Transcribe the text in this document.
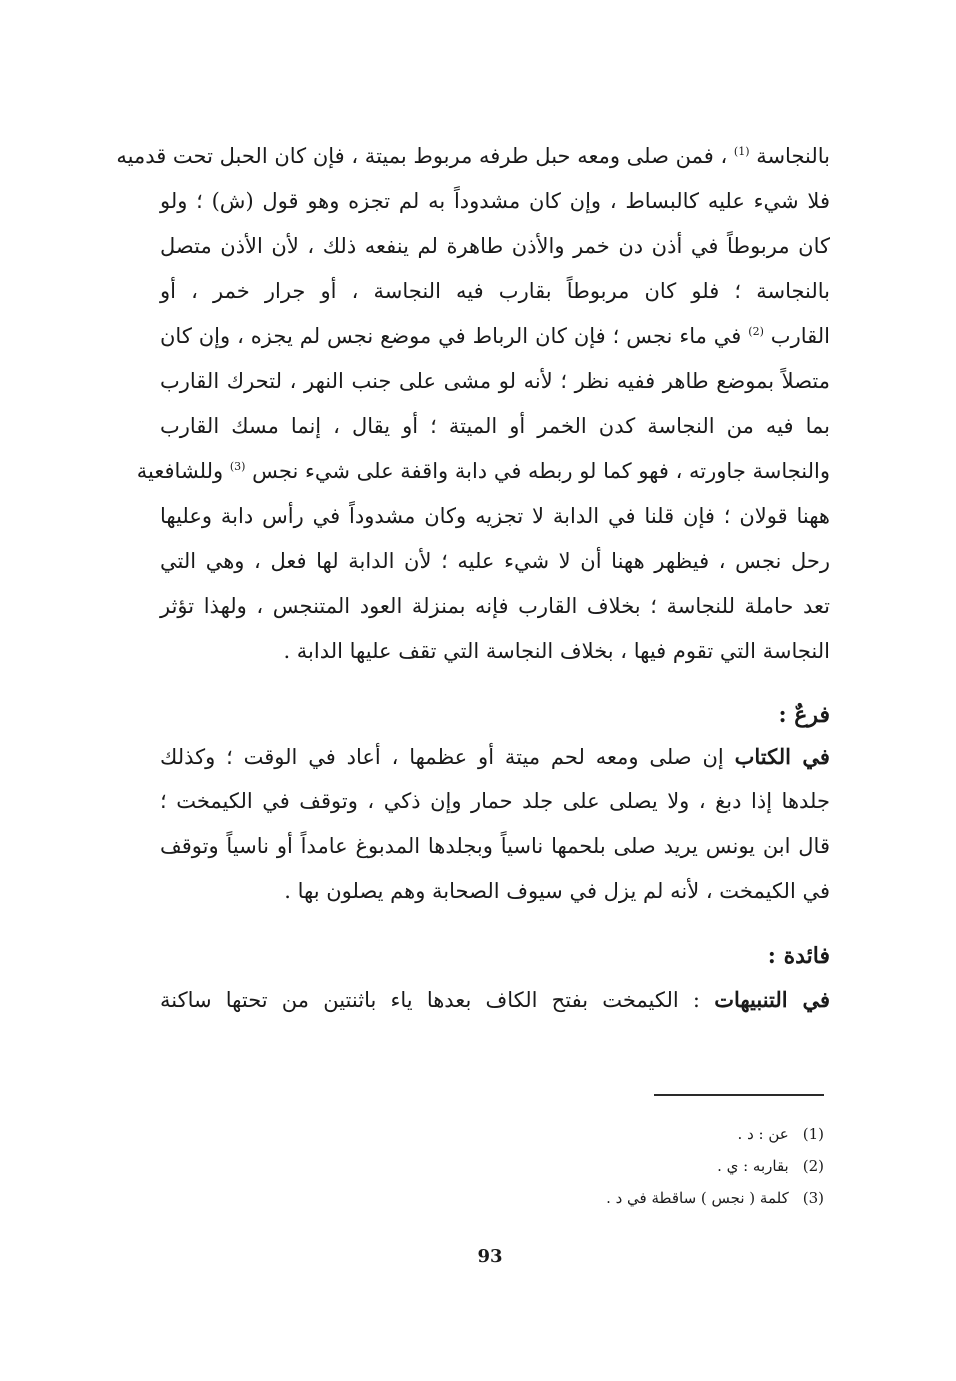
بالنجاسة $^{(1)}$ ، فمن صلى ومعه حبل طرفه مربوط بميتة ، فإن كان الحبل تحت قدميه
فلا شيء عليه كالبساط ، وإن كان مشدوداً به لم تجزه وهو قول (ش) ؛ ولو
كان مربوطاً في أذن دن خمر والأذن طاهرة لم ينفعه ذلك ، لأن الأذن متصل
بالنجاسة ؛ فلو كان مربوطاً بقارب فيه النجاسة ، أو جرار خمر ، أو
القارب $^{(2)}$ في ماء نجس ؛ فإن كان الرباط في موضع نجس لم يجزه ، وإن كان
متصلاً بموضع طاهر ففيه نظر ؛ لأنه لو مشى على جنب النهر ، لتحرك القارب
بما فيه من النجاسة كدن الخمر أو الميتة ؛ أو يقال ، إنما مسك القارب
والنجاسة جاورته ، فهو كما لو ربطه في دابة واقفة على شيء نجس $^{(3)}$ وللشافعية
ههنا قولان ؛ فإن قلنا في الدابة لا تجزيه وكان مشدوداً في رأس دابة وعليها
رحل نجس ، فيظهر ههنا أن لا شيء عليه ؛ لأن الدابة لها فعل ، وهي التي
تعد حاملة للنجاسة ؛ بخلاف القارب فإنه بمنزلة العود المتنجس ، ولهذا تؤثر
النجاسة التي تقوم فيها ، بخلاف النجاسة التي تقف عليها الدابة .
فرعٌ :
في الكتاب إن صلى ومعه لحم ميتة أو عظمها ، أعاد في الوقت ؛ وكذلك
جلدها إذا دبغ ، ولا يصلى على جلد حمار وإن ذكي ، وتوقف في الكيمخت ؛
قال ابن يونس يريد صلى بلحمها ناسياً وبجلدها المدبوغ عامداً أو ناسياً وتوقف
في الكيمخت ، لأنه لم يزل في سيوف الصحابة وهم يصلون بها .
فائدة :
في التنبيهات : الكيمخت بفتح الكاف بعدها ياء باثنتين من تحتها ساكنة
(1)عن : د .
(2)بقاربه : ي .
(3)كلمة ( نجس ) ساقطة في د .
93
